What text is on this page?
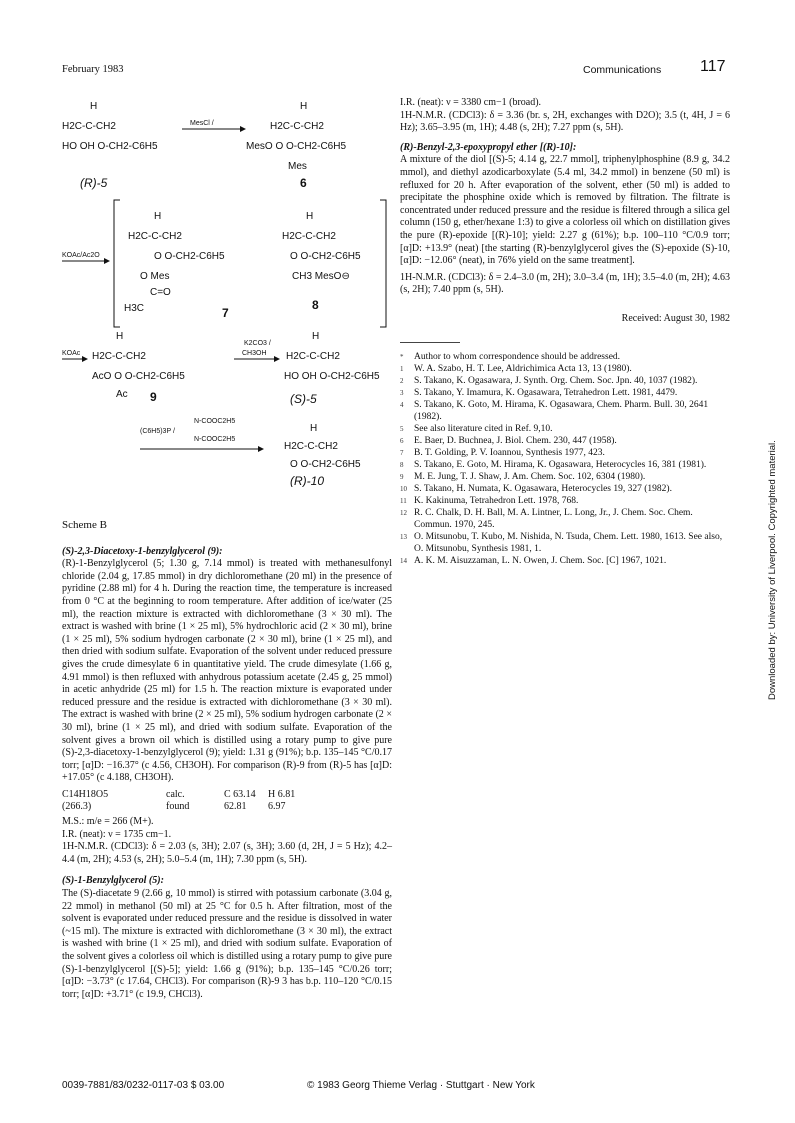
February 1983	Communications 117
H
H2C-C-CH2
HO OH O-CH2-C6H5
MesCl /
H
H2C-C-CH2
MesO O O-CH2-C6H5
Mes
(R)-5	6
KOAc/Ac2O
H
H2C-C-CH2
O O-CH2-C6H5
O Mes
C=O
H3C	7
H
H2C-C-CH2
O O-CH2-C6H5
CH3 MesO⊖
8
KOAc
H
H2C-C-CH2
AcO O O-CH2-C6H5
Ac 9
K2CO3 /
CH3OH
H
H2C-C-CH2
HO OH O-CH2-C6H5
(S)-5
(C6H5)3P /
N-COOC2H5
N-COOC2H5
H
H2C-C-CH2
O O-CH2-C6H5
(R)-10
Scheme B
(S)-2,3-Diacetoxy-1-benzylglycerol (9):

(R)-1-Benzylglycerol (5; 1.30 g, 7.14 mmol) is treated with methanesulfonyl chloride (2.04 g, 17.85 mmol) in dry dichloromethane (20 ml) in the presence of pyridine (2.88 ml) for 4 h. During the reaction time, the temperature is increased from 0 °C at the beginning to room temperature. After addition of ice/water (25 ml), the reaction mixture is extracted with dichloromethane (3 × 30 ml). The extract is washed with brine (1 × 25 ml), 5% hydrochloric acid (2 × 30 ml), brine (1 × 25 ml), 5% sodium hydrogen carbonate (2 × 30 ml), brine (1 × 25 ml), and then dried with sodium sulfate. Evaporation of the solvent under reduced pressure gives the crude dimesylate 6 in quantitative yield. The crude dimesylate (1.66 g, 4.91 mmol) is then refluxed with anhydrous potassium acetate (2.45 g, 25 mmol) in acetic anhydride (25 ml) for 1.5 h. The reaction mixture is evaporated under reduced pressure and the residue is extracted with dichloromethane (3 × 30 ml). The extract is washed with brine (2 × 25 ml), 5% sodium hydrogen carbonate (2 × 30 ml), brine (1 × 25 ml), and dried with sodium sulfate. Evaporation of the solvent gives a brown oil which is distilled using a rotary pump to give pure (S)-2,3-diacetoxy-1-benzylglycerol (9); yield: 1.31 g (91%); b.p. 135–145 °C/0.17 torr; [α]D: −16.37° (c 4.56, CH3OH). For comparison (R)-9 from (R)-5 has [α]D: +17.05° (c 4.188, CH3OH).

C14H18O5	calc.	C 63.14	H 6.81
(266.3)	found	62.81	6.97

M.S.: m/e = 266 (M+).

I.R. (neat): ν = 1735 cm−1.

1H-N.M.R. (CDCl3): δ = 2.03 (s, 3H); 2.07 (s, 3H); 3.60 (d, 2H, J = 5 Hz); 4.2–4.4 (m, 2H); 4.53 (s, 2H); 5.0–5.4 (m, 1H); 7.30 ppm (s, 5H).

(S)-1-Benzylglycerol (5):

The (S)-diacetate 9 (2.66 g, 10 mmol) is stirred with potassium carbonate (3.04 g, 22 mmol) in methanol (50 ml) at 25 °C for 0.5 h. After filtration, most of the solvent is evaporated under reduced pressure and the residue is dissolved in water (~15 ml). The mixture is extracted with dichloromethane (3 × 30 ml), the extract is washed with brine (1 × 25 ml), and dried with sodium sulfate. Evaporation of the solvent gives a colorless oil which is distilled using a rotary pump to give pure (S)-1-benzylglycerol [(S)-5]; yield: 1.66 g (91%); b.p. 135–145 °C/0.26 torr; [α]D: −3.73° (c 17.64, CHCl3). For comparison (R)-9 3 has b.p. 110–120 °C/0.15 torr; [α]D: +3.71° (c 19.9, CHCl3).

I.R. (neat): ν = 3380 cm−1 (broad).

1H-N.M.R. (CDCl3): δ = 3.36 (br. s, 2H, exchanges with D2O); 3.5 (t, 4H, J = 6 Hz); 3.65–3.95 (m, 1H); 4.48 (s, 2H); 7.27 ppm (s, 5H).

(R)-Benzyl-2,3-epoxypropyl ether [(R)-10]:

A mixture of the diol [(S)-5; 4.14 g, 22.7 mmol], triphenylphosphine (8.9 g, 34.2 mmol), and diethyl azodicarboxylate (5.4 ml, 34.2 mmol) in benzene (50 ml) is refluxed for 20 h. After evaporation of the solvent, ether (50 ml) is added to precipitate the phosphine oxide which is removed by filtration. The filtrate is concentrated under reduced pressure and the residue is filtered through a silica gel column (150 g, ether/hexane 1:3) to give a colorless oil which on distillation gives the pure (R)-epoxide [(R)-10]; yield: 2.27 g (61%); b.p. 100–110 °C/0.9 torr; [α]D: +13.9° (neat) [the starting (R)-benzylglycerol gives the (S)-epoxide (S)-10, [α]D: −12.06° (neat), in 76% yield on the same treatment].

1H-N.M.R. (CDCl3): δ = 2.4–3.0 (m, 2H); 3.0–3.4 (m, 1H); 3.5–4.0 (m, 2H); 4.63 (s, 2H); 7.40 ppm (s, 5H).

Received: August 30, 1982
*	Author to whom correspondence should be addressed.
1	W. A. Szabo, H. T. Lee, Aldrichimica Acta 13, 13 (1980).
2	S. Takano, K. Ogasawara, J. Synth. Org. Chem. Soc. Jpn. 40, 1037 (1982).
3	S. Takano, Y. Imamura, K. Ogasawara, Tetrahedron Lett. 1981, 4479.
4	S. Takano, K. Goto, M. Hirama, K. Ogasawara, Chem. Pharm. Bull. 30, 2641 (1982).
5	See also literature cited in Ref. 9,10.
6	E. Baer, D. Buchnea, J. Biol. Chem. 230, 447 (1958).
7	B. T. Golding, P. V. Ioannou, Synthesis 1977, 423.
8	S. Takano, E. Goto, M. Hirama, K. Ogasawara, Heterocycles 16, 381 (1981).
9	M. E. Jung, T. J. Shaw, J. Am. Chem. Soc. 102, 6304 (1980).
10 S. Takano, H. Numata, K. Ogasawara, Heterocycles 19, 327 (1982).
11 K. Kakinuma, Tetrahedron Lett. 1978, 768.
12 R. C. Chalk, D. H. Ball, M. A. Lintner, L. Long, Jr., J. Chem. Soc. Chem. Commun. 1970, 245.
13 O. Mitsunobu, T. Kubo, M. Nishida, N. Tsuda, Chem. Lett. 1980, 1613. See also, O. Mitsunobu, Synthesis 1981, 1.
14 A. K. M. Aisuzzaman, L. N. Owen, J. Chem. Soc. [C] 1967, 1021.	Downloaded by: University of Liverpool. Copyrighted material.
0039-7881/83/0232-0117-03 $ 03.00	© 1983 Georg Thieme Verlag · Stuttgart · New York
